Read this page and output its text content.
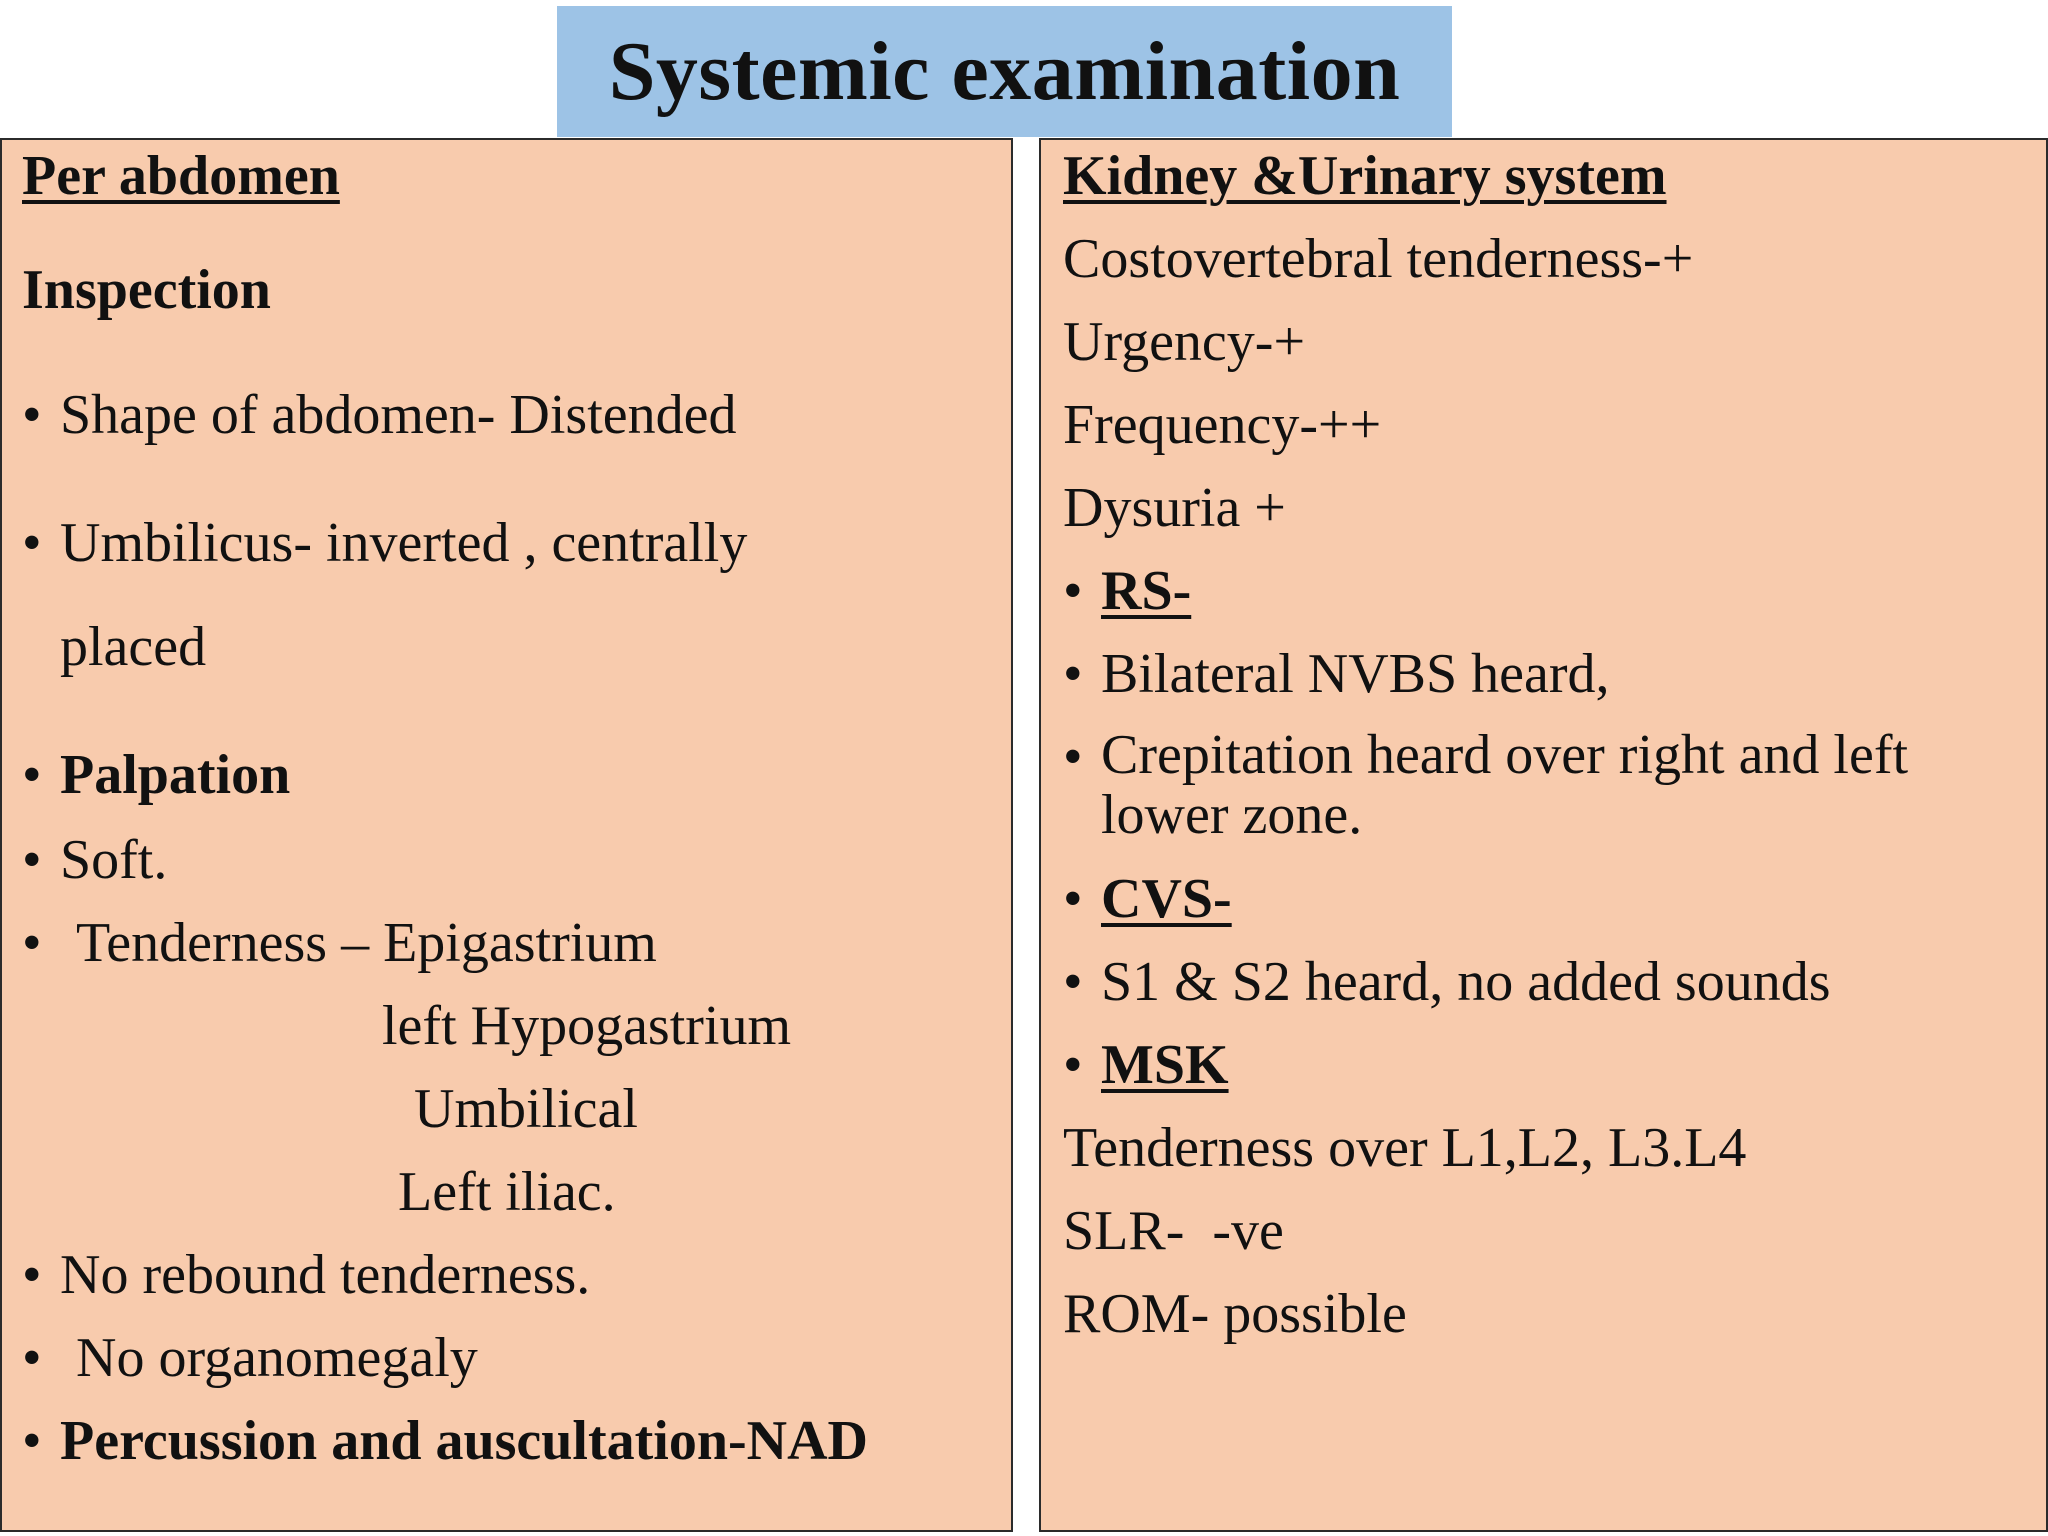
Systemic examination
Per abdomen
Inspection
• Shape of abdomen- Distended
• Umbilicus- inverted , centrally
placed
• Palpation
• Soft.
• Tenderness – Epigastrium
left Hypogastrium
Umbilical
Left iliac.
• No rebound tenderness.
• No organomegaly
• Percussion and auscultation-NAD
Kidney &Urinary system
Costovertebral tenderness-+
Urgency-+
Frequency-++
Dysuria +
• RS-
• Bilateral NVBS heard,
• Crepitation heard over right and left lower zone.
• CVS-
• S1 & S2 heard, no added sounds
• MSK
Tenderness over L1,L2, L3.L4
SLR-  -ve
ROM- possible
